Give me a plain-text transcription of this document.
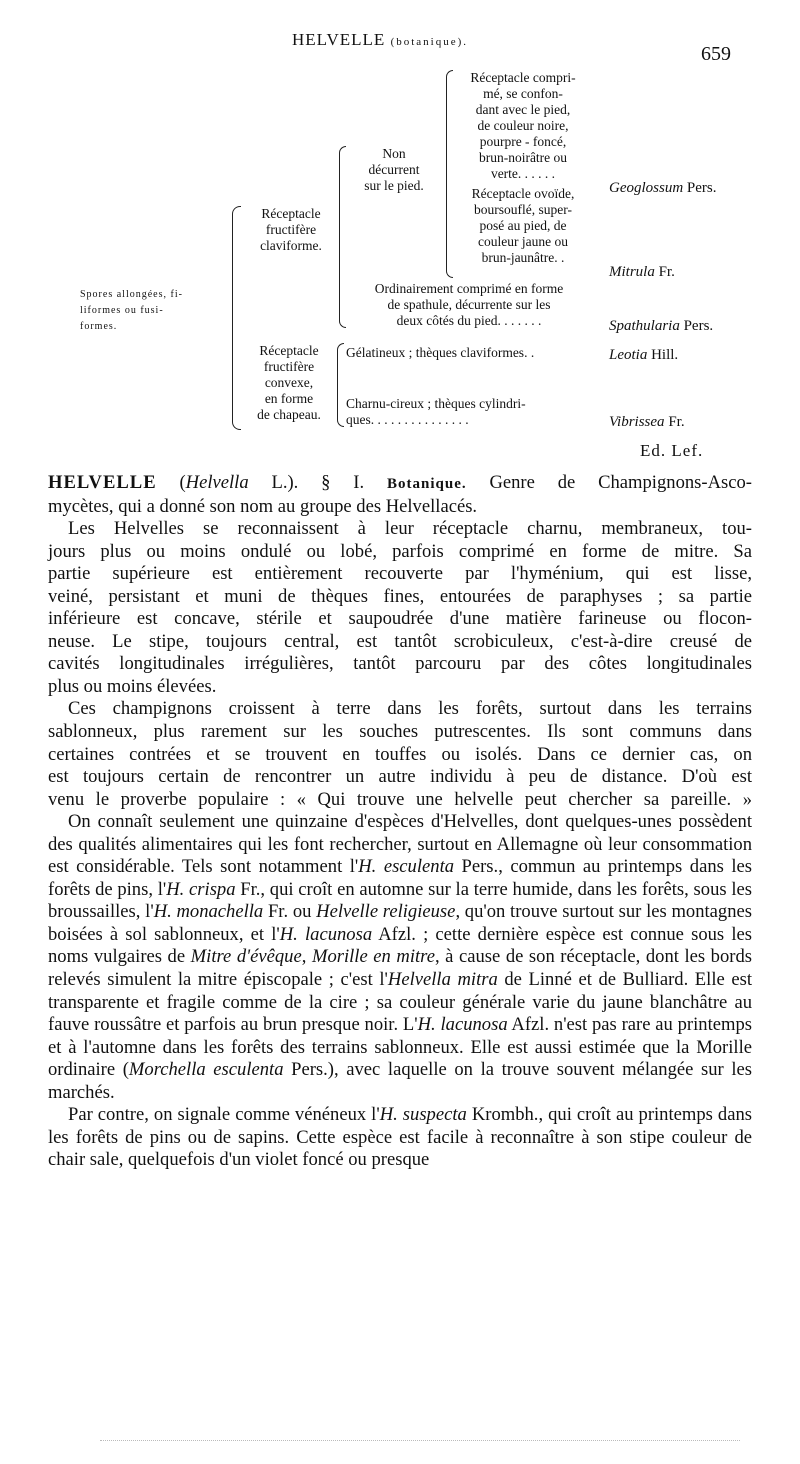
HELVELLE (botanique).
659
Spores allongées, fi-
liformes ou fusi-
formes.
Réceptacle
fructifère
claviforme.
Non
décurrent
sur le pied.
Réceptacle compri-
mé, se confon-
dant avec le pied,
de couleur noire,
pourpre - foncé,
brun-noirâtre ou
verte. . . . . .
Réceptacle ovoïde,
boursouflé, super-
posé au pied, de
couleur jaune ou
brun-jaunâtre. .
Ordinairement comprimé en forme
de spathule, décurrente sur les
deux côtés du pied. . . . . . .
Réceptacle
fructifère
convexe,
en forme
de chapeau.
Gélatineux ; thèques claviformes. .
Charnu-cireux ; thèques cylindri-
ques. . . . . . . . . . . . . . .
Geoglossum Pers.
Mitrula Fr.
Spathularia Pers.
Leotia Hill.
Vibrissea Fr.
Ed. Lef.

HELVELLE (Helvella L.). § I. Botanique. Genre de Champignons-Asco-
mycètes, qui a donné son nom au groupe des Helvellacés.

Les Helvelles se reconnaissent à leur réceptacle charnu, membraneux, tou-
jours plus ou moins ondulé ou lobé, parfois comprimé en forme de mitre. Sa
partie supérieure est entièrement recouverte par l'hyménium, qui est lisse,
veiné, persistant et muni de thèques fines, entourées de paraphyses ; sa partie
inférieure est concave, stérile et saupoudrée d'une matière farineuse ou flocon-
neuse. Le stipe, toujours central, est tantôt scrobiculeux, c'est-à-dire creusé de
cavités longitudinales irrégulières, tantôt parcouru par des côtes longitudinales
plus ou moins élevées.

Ces champignons croissent à terre dans les forêts, surtout dans les terrains
sablonneux, plus rarement sur les souches putrescentes. Ils sont communs dans
certaines contrées et se trouvent en touffes ou isolés. Dans ce dernier cas, on
est toujours certain de rencontrer un autre individu à peu de distance. D'où est
venu le proverbe populaire : « Qui trouve une helvelle peut chercher sa pareille. »

On connaît seulement une quinzaine d'espèces d'Helvelles, dont quelques-unes possèdent des qualités alimentaires qui les font rechercher, surtout en Allemagne où leur consommation est considérable. Tels sont notamment l'H. esculenta Pers., commun au printemps dans les forêts de pins, l'H. crispa Fr., qui croît en automne sur la terre humide, dans les forêts, sous les broussailles, l'H. monachella Fr. ou Helvelle religieuse, qu'on trouve surtout sur les montagnes boisées à sol sablonneux, et l'H. lacunosa Afzl. ; cette dernière espèce est connue sous les noms vulgaires de Mitre d'évêque, Morille en mitre, à cause de son réceptacle, dont les bords relevés simulent la mitre épiscopale ; c'est l'Helvella mitra de Linné et de Bulliard. Elle est transparente et fragile comme de la cire ; sa couleur générale varie du jaune blanchâtre au fauve roussâtre et parfois au brun presque noir. L'H. lacunosa Afzl. n'est pas rare au printemps et à l'automne dans les forêts des terrains sablonneux. Elle est aussi estimée que la Morille ordinaire (Morchella esculenta Pers.), avec laquelle on la trouve souvent mélangée sur les marchés.

Par contre, on signale comme vénéneux l'H. suspecta Krombh., qui croît au printemps dans les forêts de pins ou de sapins. Cette espèce est facile à reconnaître à son stipe couleur de chair sale, quelquefois d'un violet foncé ou presque
